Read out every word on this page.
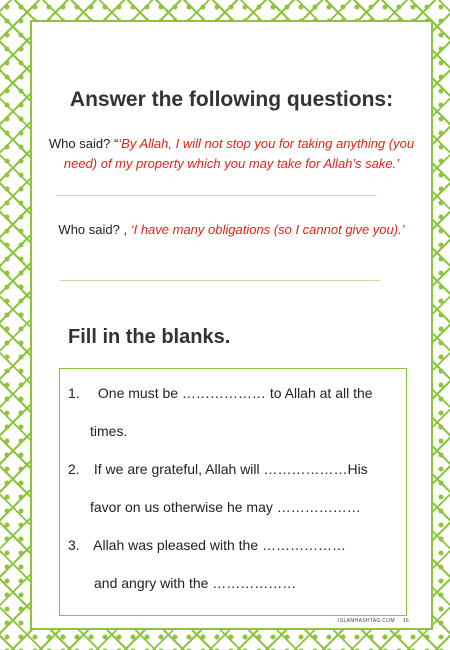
Answer the following questions:
Who said? “‘By Allah, I will not stop you for taking anything (you
need) of my property which you may take for Allah’s sake.’
Who said? , ‘I have many obligations (so I cannot give you).’
Fill in the blanks.
1. One must be ……………… to Allah at all the
times.
2. If we are grateful, Allah will ………………His
favor on us otherwise he may ………………
3. Allah was pleased with the ………………
and angry with the ………………
ISLAMHASHTAG.COM 16
